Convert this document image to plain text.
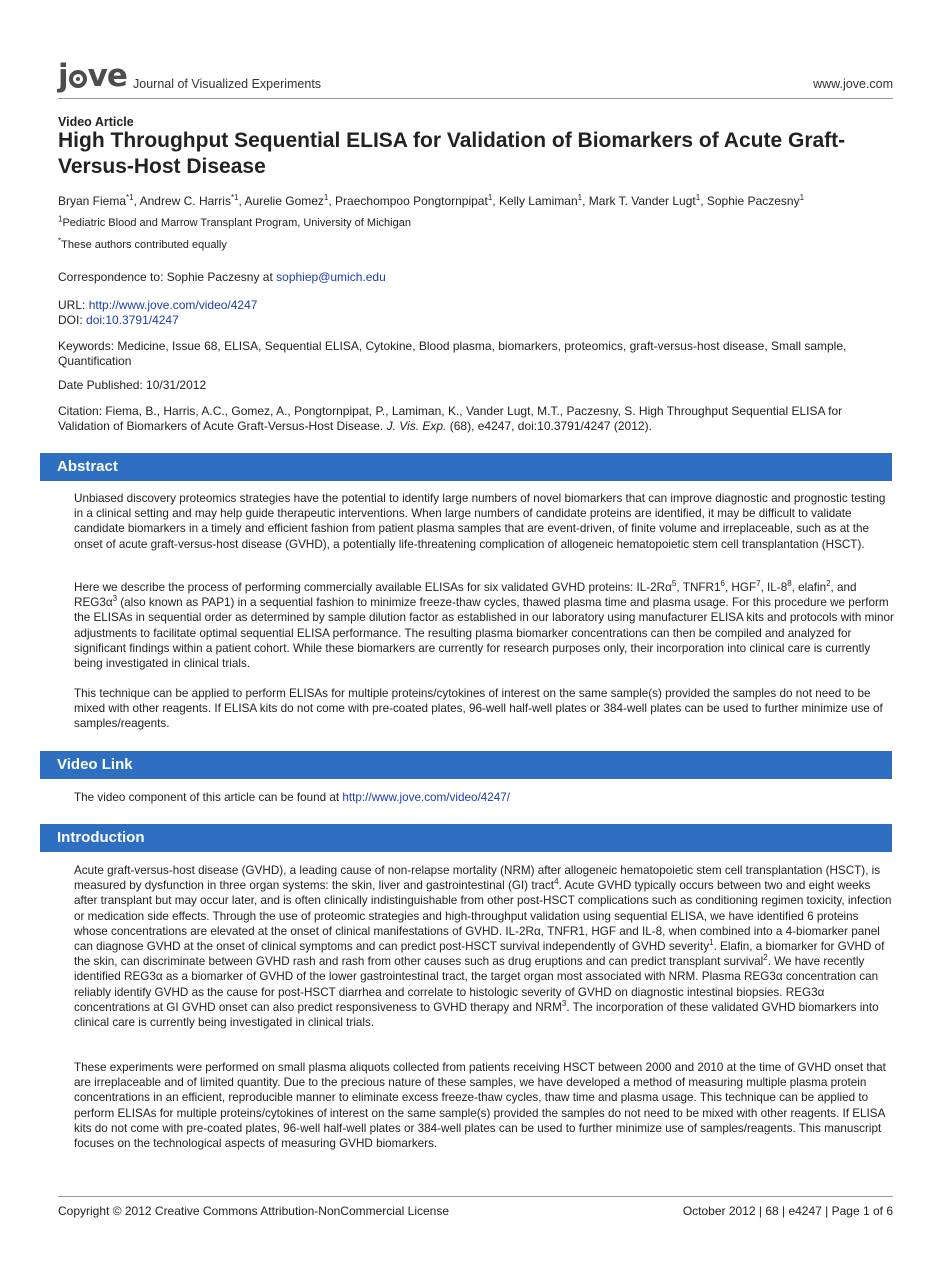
j ve Journal of Visualized Experiments	www.jove.com
Video Article
High Throughput Sequential ELISA for Validation of Biomarkers of Acute Graft-Versus-Host Disease
Bryan Fiema$^{*1}$, Andrew C. Harris$^{*1}$, Aurelie Gomez$^1$, Praechompoo Pongtornpipat$^1$, Kelly Lamiman$^1$, Mark T. Vander Lugt$^1$, Sophie Paczesny$^1$
$^1$Pediatric Blood and Marrow Transplant Program, University of Michigan
*These authors contributed equally
Correspondence to: Sophie Paczesny at sophiep@umich.edu
URL: http://www.jove.com/video/4247
DOI: doi:10.3791/4247
Keywords: Medicine, Issue 68, ELISA, Sequential ELISA, Cytokine, Blood plasma, biomarkers, proteomics, graft-versus-host disease, Small sample, Quantification
Date Published: 10/31/2012
Citation: Fiema, B., Harris, A.C., Gomez, A., Pongtornpipat, P., Lamiman, K., Vander Lugt, M.T., Paczesny, S. High Throughput Sequential ELISA for Validation of Biomarkers of Acute Graft-Versus-Host Disease. J. Vis. Exp. (68), e4247, doi:10.3791/4247 (2012).
Abstract
Unbiased discovery proteomics strategies have the potential to identify large numbers of novel biomarkers that can improve diagnostic and prognostic testing in a clinical setting and may help guide therapeutic interventions. When large numbers of candidate proteins are identified, it may be difficult to validate candidate biomarkers in a timely and efficient fashion from patient plasma samples that are event-driven, of finite volume and irreplaceable, such as at the onset of acute graft-versus-host disease (GVHD), a potentially life-threatening complication of allogeneic hematopoietic stem cell transplantation (HSCT).
Here we describe the process of performing commercially available ELISAs for six validated GVHD proteins: $IL-2R\alpha^5$, $TNFR1^6$, HGF$^7$, $IL-8^8$, elafin$^2$, and $REG3\alpha^3$ (also known as PAP1) in a sequential fashion to minimize freeze-thaw cycles, thawed plasma time and plasma usage. For this procedure we perform the ELISAs in sequential order as determined by sample dilution factor as established in our laboratory using manufacturer ELISA kits and protocols with minor adjustments to facilitate optimal sequential ELISA performance. The resulting plasma biomarker concentrations can then be compiled and analyzed for significant findings within a patient cohort. While these biomarkers are currently for research purposes only, their incorporation into clinical care is currently being investigated in clinical trials.
This technique can be applied to perform ELISAs for multiple proteins/cytokines of interest on the same sample(s) provided the samples do not need to be mixed with other reagents. If ELISA kits do not come with pre-coated plates, 96-well half-well plates or 384-well plates can be used to further minimize use of samples/reagents.
Video Link
The video component of this article can be found at http://www.jove.com/video/4247/
Introduction
Acute graft-versus-host disease (GVHD), a leading cause of non-relapse mortality (NRM) after allogeneic hematopoietic stem cell transplantation (HSCT), is measured by dysfunction in three organ systems: the skin, liver and gastrointestinal (GI) tract$^4$. Acute GVHD typically occurs between two and eight weeks after transplant but may occur later, and is often clinically indistinguishable from other post-HSCT complications such as conditioning regimen toxicity, infection or medication side effects. Through the use of proteomic strategies and high-throughput validation using sequential ELISA, we have identified 6 proteins whose concentrations are elevated at the onset of clinical manifestations of GVHD. IL-2Rα, TNFR1, HGF and IL-8, when combined into a 4-biomarker panel can diagnose GVHD at the onset of clinical symptoms and can predict post-HSCT survival independently of GVHD severity$^1$. Elafin, a biomarker for GVHD of the skin, can discriminate between GVHD rash and rash from other causes such as drug eruptions and can predict transplant survival$^2$. We have recently identified REG3α as a biomarker of GVHD of the lower gastrointestinal tract, the target organ most associated with NRM. Plasma REG3α concentration can reliably identify GVHD as the cause for post-HSCT diarrhea and correlate to histologic severity of GVHD on diagnostic intestinal biopsies. REG3α concentrations at GI GVHD onset can also predict responsiveness to GVHD therapy and NRM$^3$. The incorporation of these validated GVHD biomarkers into clinical care is currently being investigated in clinical trials.
These experiments were performed on small plasma aliquots collected from patients receiving HSCT between 2000 and 2010 at the time of GVHD onset that are irreplaceable and of limited quantity. Due to the precious nature of these samples, we have developed a method of measuring multiple plasma protein concentrations in an efficient, reproducible manner to eliminate excess freeze-thaw cycles, thaw time and plasma usage. This technique can be applied to perform ELISAs for multiple proteins/cytokines of interest on the same sample(s) provided the samples do not need to be mixed with other reagents. If ELISA kits do not come with pre-coated plates, 96-well half-well plates or 384-well plates can be used to further minimize use of samples/reagents. This manuscript focuses on the technological aspects of measuring GVHD biomarkers.
Copyright © 2012 Creative Commons Attribution-NonCommercial License	October 2012 | 68 | e4247 | Page 1 of 6
